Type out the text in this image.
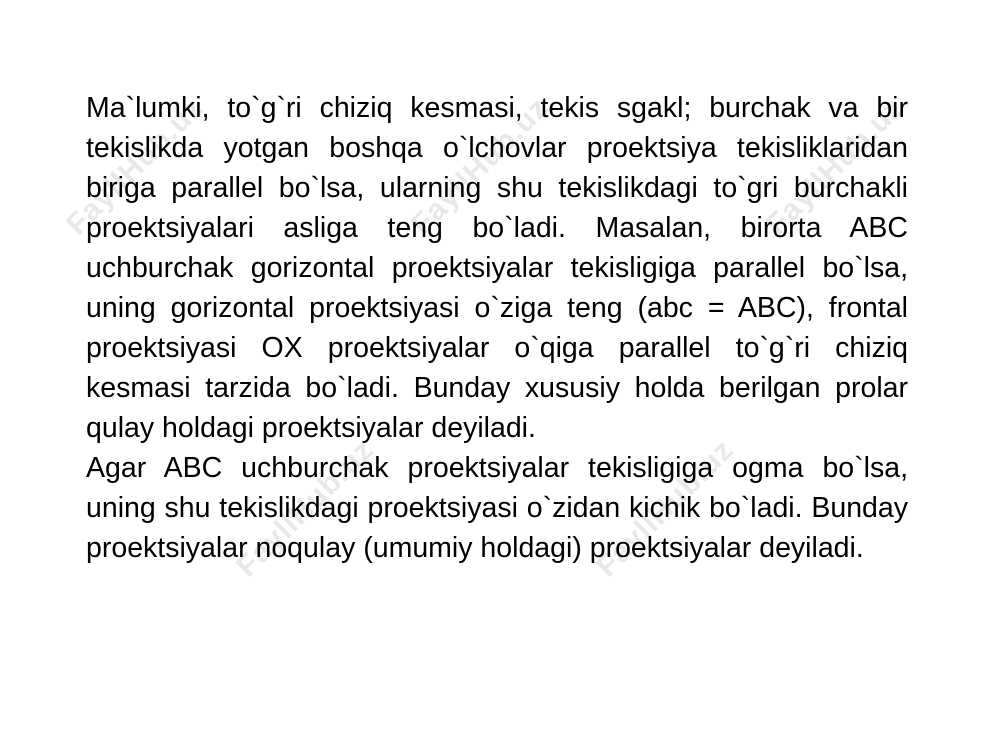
FayllHub.uz	FayllHub.uz	FayllHub.uz
FayllHub.uz	FayllHub.uz

Ma`lumki, to`g`ri chiziq kesmasi, tekis sgakl; burchak va bir tekislikda yotgan boshqa o`lchovlar proektsiya tekisliklaridan biriga parallel bo`lsa, ularning shu tekislikdagi to`gri burchakli proektsiyalari asliga teng bo`ladi. Masalan, birorta ABC uchburchak gorizontal proektsiyalar tekisligiga parallel bo`lsa, uning gorizontal proektsiyasi o`ziga teng (abc = ABC), frontal proektsiyasi OX proektsiyalar o`qiga parallel to`g`ri chiziq kesmasi tarzida bo`ladi. Bunday xususiy holda berilgan prolar qulay holdagi proektsiyalar deyiladi.

Agar ABC uchburchak proektsiyalar tekisligiga ogma bo`lsa, uning shu tekislikdagi proektsiyasi o`zidan kichik bo`ladi. Bunday proektsiyalar noqulay (umumiy holdagi) proektsiyalar deyiladi.
